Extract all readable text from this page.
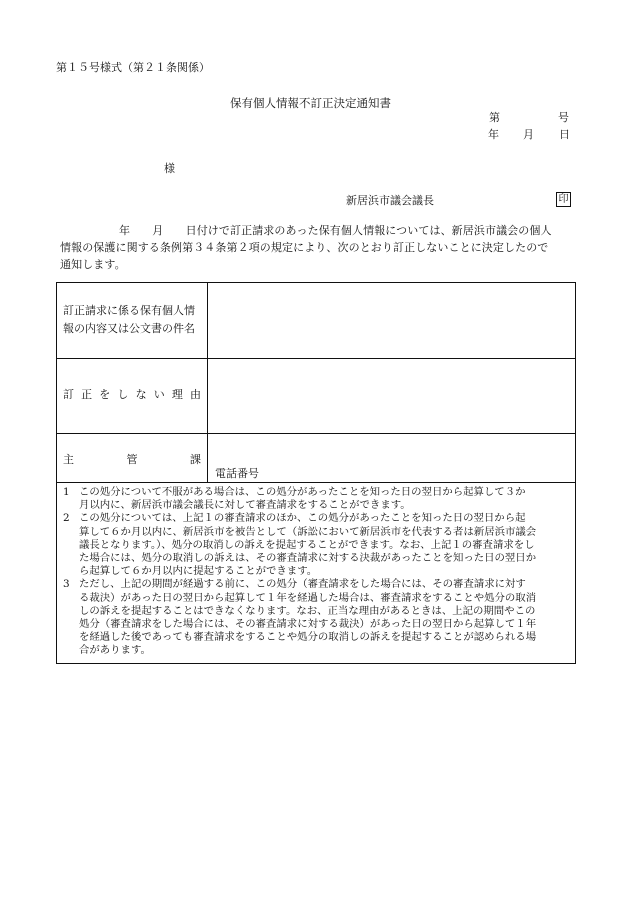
第１５号様式（第２１条関係）
保有個人情報不訂正決定通知書
第	号
年 月 日
様
新居浜市議会議長	印

年　　月　　日付けで訂正請求のあった保有個人情報については、新居浜市議会の個人

情報の保護に関する条例第３４条第２項の規定により、次のとおり訂正しないことに決定したので

通知します。

訂正請求に係る保有個人情
報の内容又は公文書の件名
訂 正 を し な い 理 由
主	管	課
電話番号
1 この処分について不服がある場合は、この処分があったことを知った日の翌日から起算して３か
月以内に、新居浜市議会議長に対して審査請求をすることができます。
2 この処分については、上記１の審査請求のほか、この処分があったことを知った日の翌日から起
算して６か月以内に、新居浜市を被告として（訴訟において新居浜市を代表する者は新居浜市議会
議長となります。）、処分の取消しの訴えを提起することができます。なお、上記１の審査請求をし
た場合には、処分の取消しの訴えは、その審査請求に対する決裁があったことを知った日の翌日か
ら起算して６か月以内に提起することができます。
3 ただし、上記の期間が経過する前に、この処分（審査請求をした場合には、その審査請求に対す
る裁決）があった日の翌日から起算して１年を経過した場合は、審査請求をすることや処分の取消
しの訴えを提起することはできなくなります。なお、正当な理由があるときは、上記の期間やこの
処分（審査請求をした場合には、その審査請求に対する裁決）があった日の翌日から起算して１年
を経過した後であっても審査請求をすることや処分の取消しの訴えを提起することが認められる場
合があります。
